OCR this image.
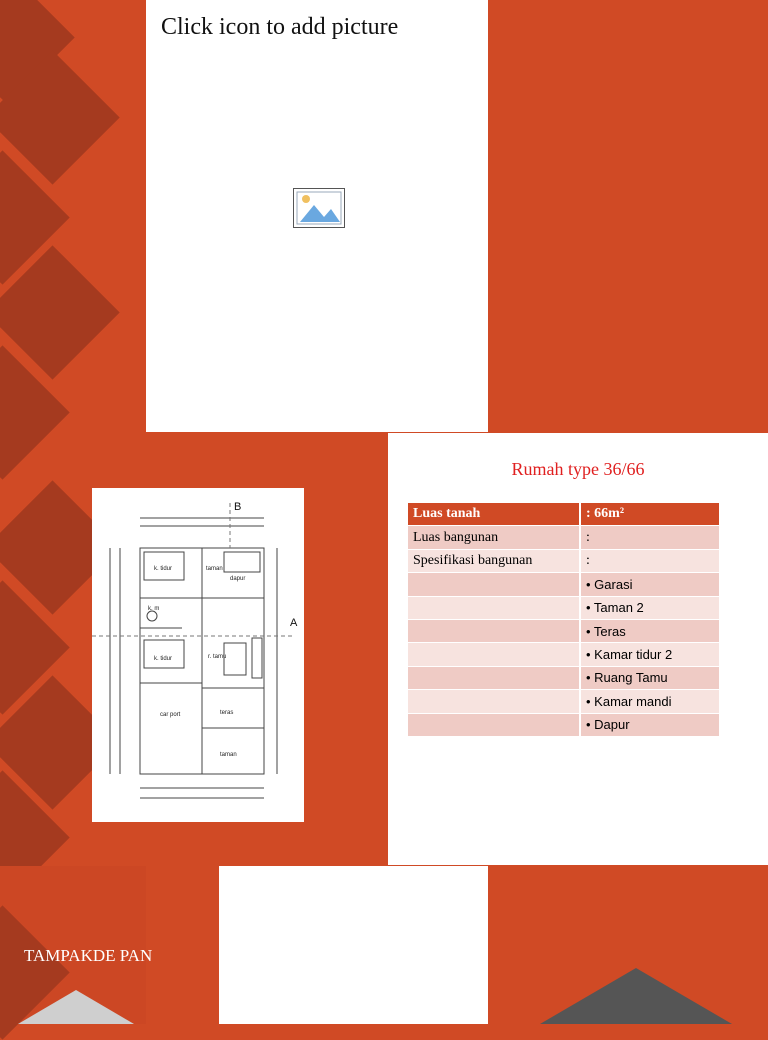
Click icon to add picture
k. tidur	taman
dapur
k. m
k. tidur	r. tamu
car port	teras
taman
B
A
Rumah type 36/66
Luas tanah	: 66m²
Luas bangunan	:
Spesifikasi bangunan	:
	• Garasi
	• Taman 2
	• Teras
	• Kamar tidur 2
	• Ruang Tamu
	• Kamar mandi
	• Dapur
TAMPAKDE PAN
